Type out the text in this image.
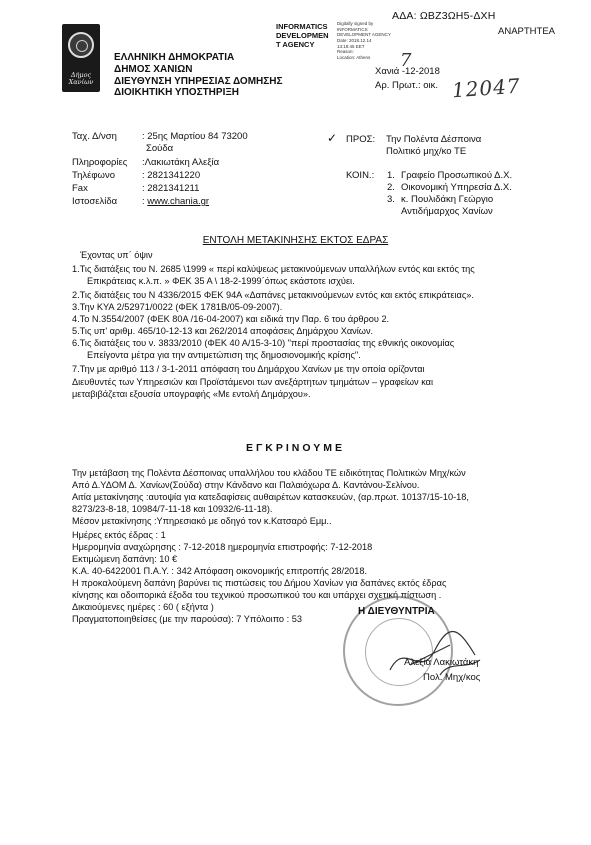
ΑΔΑ: ΩΒΖ3ΩΗ5-ΔΧΗ
ΑΝΑΡΤΗΤΕΑ
INFORMATICS
DEVELOPMEN
T AGENCY
Digitally signed by
INFORMATICS
DEVELOPMENT AGENCY
Date: 2018.12.14
13:19:45 EET
Reason:
Location: Athens
Δήμος Χανίων
ΕΛΛΗΝΙΚΗ ΔΗΜΟΚΡΑΤΙΑ
ΔΗΜΟΣ ΧΑΝΙΩΝ
ΔΙΕΥΘΥΝΣΗ ΥΠΗΡΕΣΙΑΣ ΔΟΜΗΣΗΣ
ΔΙΟΙΚΗΤΙΚΗ ΥΠΟΣΤΗΡΙΞΗ
Χανιά -12-2018
7
Αρ. Πρωτ.: οικ. 12047
Ταχ. Δ/νση	: 25ης Μαρτίου 84 73200
Σούδα
Πληροφορίες :Λακιωτάκη Αλεξία
Τηλέφωνο	: 2821341220
Fax	: 2821341211
Ιστοσελίδα	: www.chania.gr
✓ ΠΡΟΣ: Την Πολέντα Δέσποινα
Πολιτικό μηχ/κο ΤΕ
ΚΟΙΝ.: 1. Γραφείο Προσωπικού Δ.Χ.
2. Οικονομική Υπηρεσία Δ.Χ.
3. κ. Πουλιδάκη Γεώργιο
Αντιδήμαρχος Χανίων
ΕΝΤΟΛΗ ΜΕΤΑΚΙΝΗΣΗΣ ΕΚΤΟΣ ΕΔΡΑΣ
Έχοντας υπ΄ όψιν
1.Τις διατάξεις του Ν. 2685 \1999 « περί καλύψεως μετακινούμενων υπαλλήλων εντός και εκτός της
Επικράτειας κ.λ.π. » ΦΕΚ 35 Α \ 18-2-1999΄όπως εκάστοτε ισχύει.
2.Τις διατάξεις του Ν 4336/2015 ΦΕΚ 94Α «Δαπάνες μετακινούμενων εντός και εκτός επικράτειας».
3.Την ΚΥΑ 2/52971/0022 (ΦΕΚ 1781Β/05-09-2007).
4.Το Ν.3554/2007 (ΦΕΚ 80Α /16-04-2007) και ειδικά την Παρ. 6 του άρθρου 2.
5.Τις υπ' αριθμ. 465/10-12-13 και 262/2014 αποφάσεις Δημάρχου Χανίων.
6.Τις διατάξεις του ν. 3833/2010 (ΦΕΚ 40 Α/15-3-10) "περί προστασίας της εθνικής οικονομίας
Επείγοντα μέτρα για την αντιμετώπιση της δημοσιονομικής κρίσης".
7.Την με αριθμό 113 / 3-1-2011 απόφαση του Δημάρχου Χανίων με την οποία ορίζονται
Διευθυντές των Υπηρεσιών και Προϊστάμενοι των ανεξάρτητων τμημάτων – γραφείων και
μεταβιβάζεται εξουσία υπογραφής «Με εντολή Δημάρχου».
ΕΓΚΡΙΝΟΥΜΕ
Την μετάβαση της Πολέντα Δέσποινας υπαλλήλου του κλάδου ΤΕ ειδικότητας Πολιτικών Μηχ/κών
Από Δ.ΥΔΟΜ Δ. Χανίων(Σούδα) στην Κάνδανο και Παλαιόχωρα Δ. Καντάνου-Σελίνου.
Αιτία μετακίνησης :αυτοψία για κατεδαφίσεις αυθαιρέτων κατασκευών, (αρ.πρωτ. 10137/15-10-18,
8273/23-8-18, 10984/7-11-18 και 10932/6-11-18).
Μέσον μετακίνησης :Υπηρεσιακό με οδηγό τον κ.Κατσαρό Εμμ..
Ημέρες εκτός έδρας : 1
Ημερομηνία αναχώρησης : 7-12-2018 ημερομηνία επιστροφής: 7-12-2018
Εκτιμώμενη δαπάνη: 10 €
Κ.Α. 40-6422001 Π.Α.Υ. : 342 Απόφαση οικονομικής επιτροπής 28/2018.
Η προκαλούμενη δαπάνη βαρύνει τις πιστώσεις του Δήμου Χανίων για δαπάνες εκτός έδρας
κίνησης και οδοιπορικά έξοδα του τεχνικού προσωπικού του και υπάρχει σχετική πίστωση .
Δικαιούμενες ημέρες : 60 ( εξήντα )
Πραγματοποιηθείσες (με την παρούσα): 7 Υπόλοιπο : 53
Η ΔΙΕΥΘΥΝΤΡΙΑ
Αλεξία Λακιωτάκη
Πολ. Μηχ/κος
